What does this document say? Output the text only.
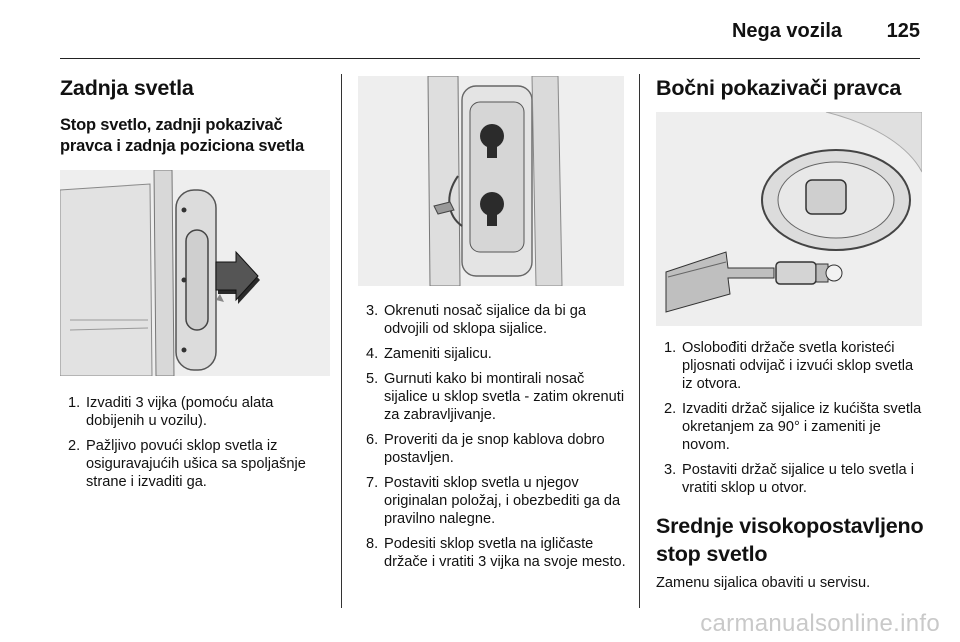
Nega vozila 125
Zadnja svetla
Stop svetlo, zadnji pokazivač
pravca i zadnja poziciona svetla
1. Izvaditi 3 vijka (pomoću alata dobijenih u vozilu).
2. Pažljivo povući sklop svetla iz osiguravajućih ušica sa spoljašnje strane i izvaditi ga.
3. Okrenuti nosač sijalice da bi ga odvojili od sklopa sijalice.
4. Zameniti sijalicu.
5. Gurnuti kako bi montirali nosač sijalice u sklop svetla - zatim okrenuti za zabravljivanje.
6. Proveriti da je snop kablova dobro postavljen.
7. Postaviti sklop svetla u njegov originalan položaj, i obezbediti ga da pravilno nalegne.
8. Podesiti sklop svetla na igličaste držače i vratiti 3 vijka na svoje mesto.
Bočni pokazivači pravca
1. Oslobođiti držače svetla koristeći pljosnati odvijač i izvući sklop svetla iz otvora.
2. Izvaditi držač sijalice iz kućišta svetla okretanjem za 90° i zameniti je novom.
3. Postaviti držač sijalice u telo svetla i vratiti sklop u otvor.
Srednje visokopostavljeno
stop svetlo

Zamenu sijalica obaviti u servisu.

carmanualsonline.info
